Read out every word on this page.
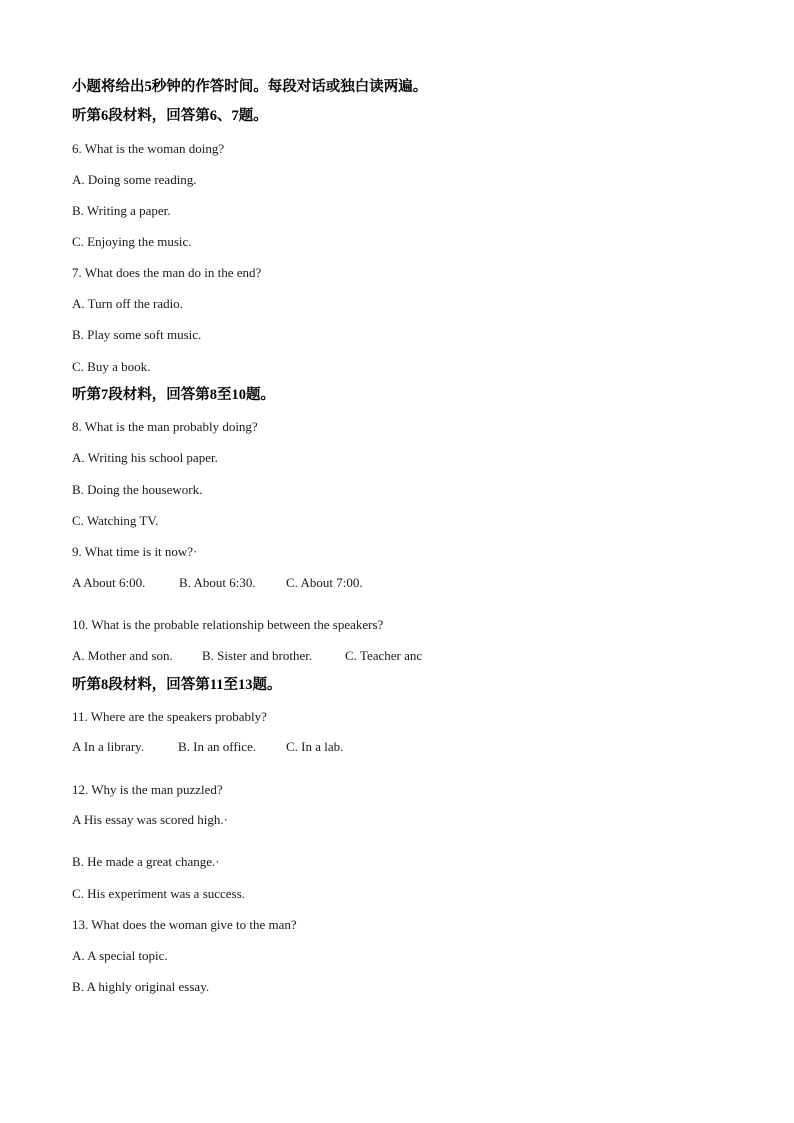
小题将给出5秒钟的作答时间。每段对话或独白读两遍。
听第6段材料，回答第6、7题。
6. What is the woman doing?
A. Doing some reading.
B. Writing a paper.
C. Enjoying the music.
7. What does the man do in the end?
A. Turn off the radio.
B. Play some soft music.
C. Buy a book.
听第7段材料，回答第8至10题。
8. What is the man probably doing?
A. Writing his school paper.
B. Doing the housework.
C. Watching TV.
9. What time is it now?·
A About 6:00.	B. About 6:30. C. About 7:00.
10. What is the probable relationship between the speakers?
A. Mother and son. B. Sister and brother.	C. Teacher anc
听第8段材料，回答第11至13题。
11. Where are the speakers probably?
A In a library.	B. In an office. C. In a lab.
12. Why is the man puzzled?
A His essay was scored high.·
B. He made a great change.·
C. His experiment was a success.
13. What does the woman give to the man?
A. A special topic.
B. A highly original essay.
